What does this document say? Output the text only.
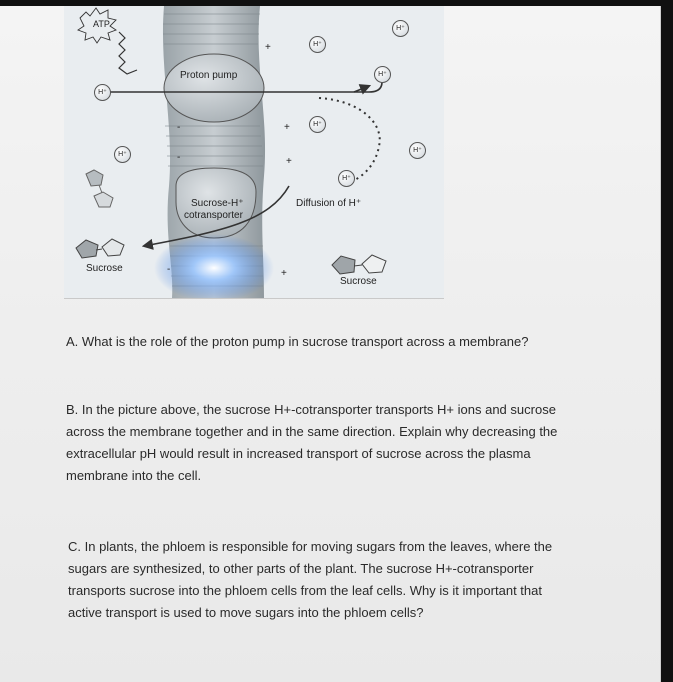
H⁺
H⁺
H⁺
H⁺
H⁺
H⁺
H⁺
H⁺
+
+
+
+
-
-
-
ATP
Proton pump
Sucrose-H⁺
cotransporter
Diffusion of H⁺
Sucrose
Sucrose

A. What is the role of the proton pump in sucrose transport across a membrane?

B. In the picture above, the sucrose H+-cotransporter transports H+ ions and sucrose

across the membrane together and in the same direction. Explain why decreasing the

extracellular pH would result in increased transport of sucrose across the plasma

membrane into the cell.

C. In plants, the phloem is responsible for moving sugars from the leaves, where the

sugars are synthesized, to other parts of the plant. The sucrose H+-cotransporter

transports sucrose into the phloem cells from the leaf cells. Why is it important that

active transport is used to move sugars into the phloem cells?
